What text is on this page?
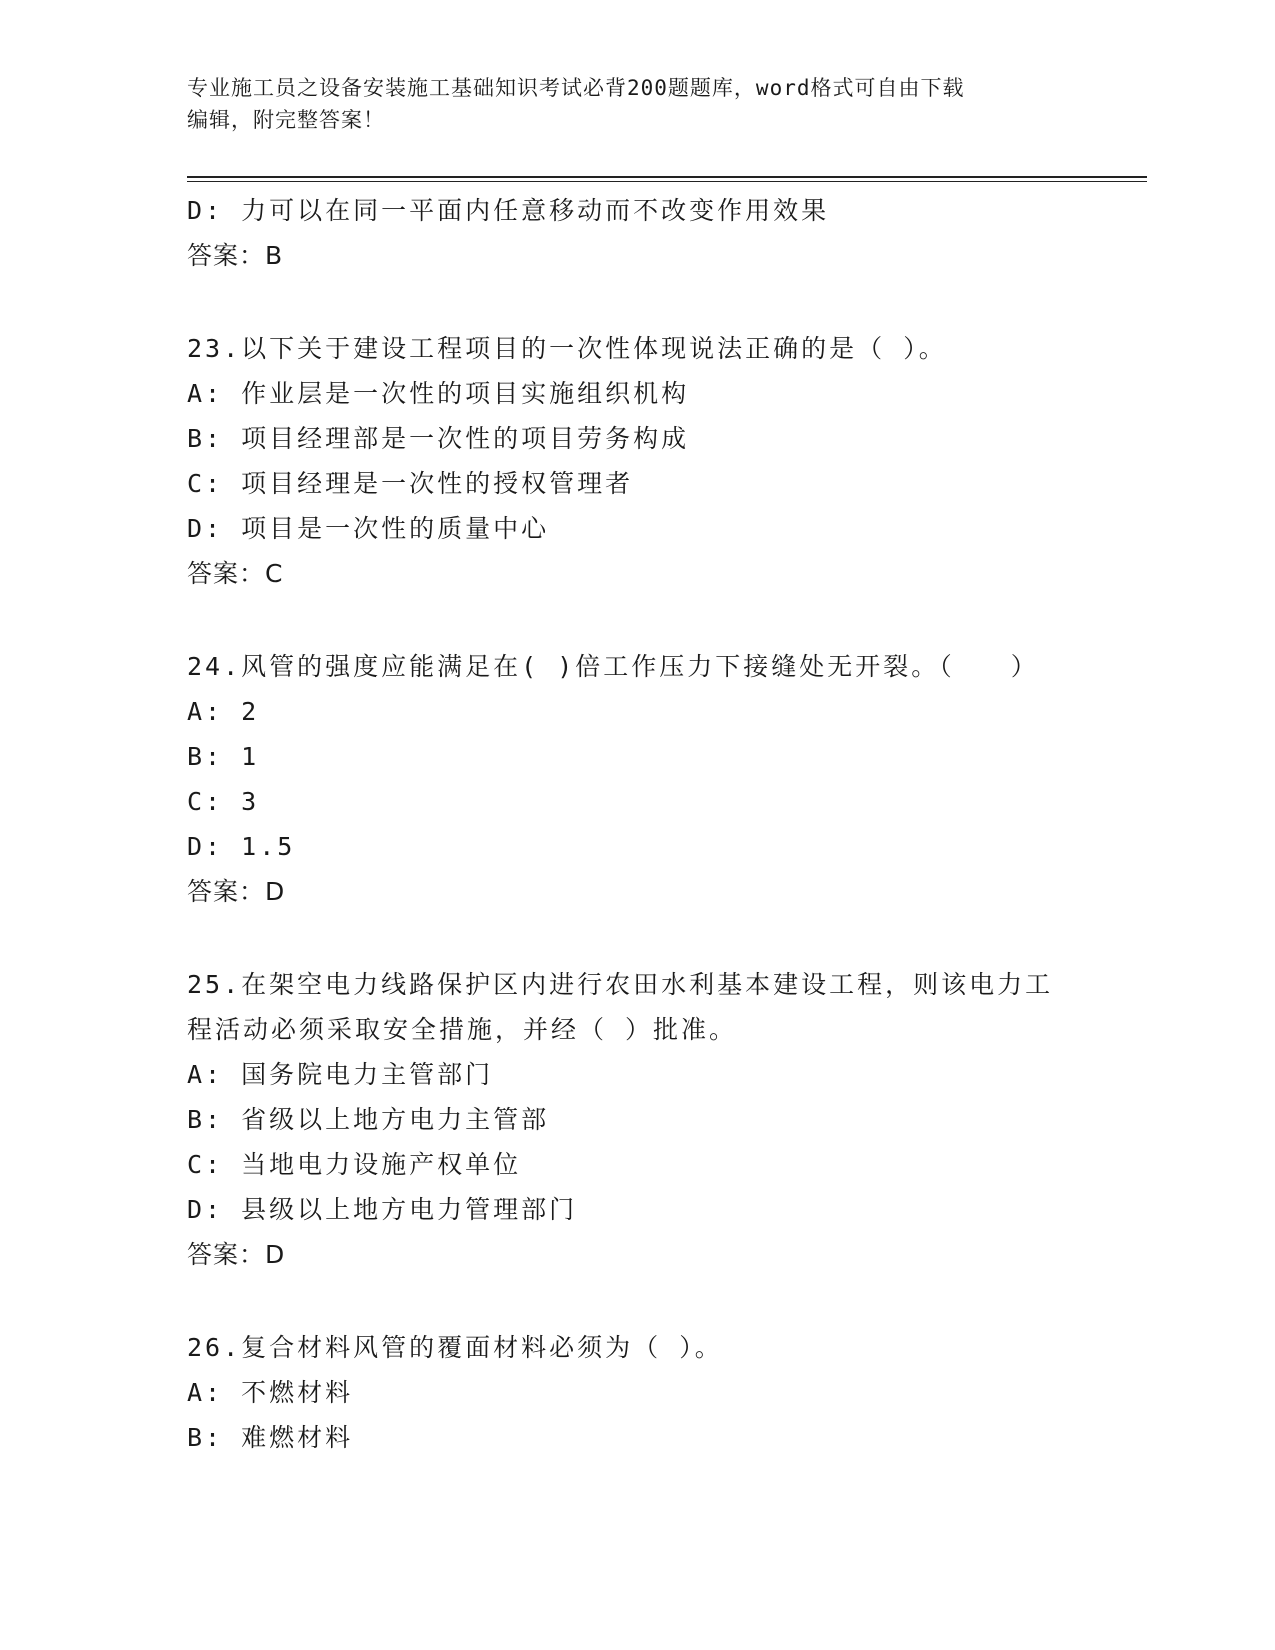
专业施工员之设备安装施工基础知识考试必背200题题库，word格式可自由下载
编辑，附完整答案！
D: 力可以在同一平面内任意移动而不改变作用效果
答案：B
23.以下关于建设工程项目的一次性体现说法正确的是（ ）。
A: 作业层是一次性的项目实施组织机构
B: 项目经理部是一次性的项目劳务构成
C: 项目经理是一次性的授权管理者
D: 项目是一次性的质量中心
答案：C
24.风管的强度应能满足在( )倍工作压力下接缝处无开裂。（　　）
A: 2
B: 1
C: 3
D: 1.5
答案：D
25.在架空电力线路保护区内进行农田水利基本建设工程，则该电力工
程活动必须采取安全措施，并经（ ）批准。
A: 国务院电力主管部门
B: 省级以上地方电力主管部
C: 当地电力设施产权单位
D: 县级以上地方电力管理部门
答案：D
26.复合材料风管的覆面材料必须为（ ）。
A: 不燃材料
B: 难燃材料
